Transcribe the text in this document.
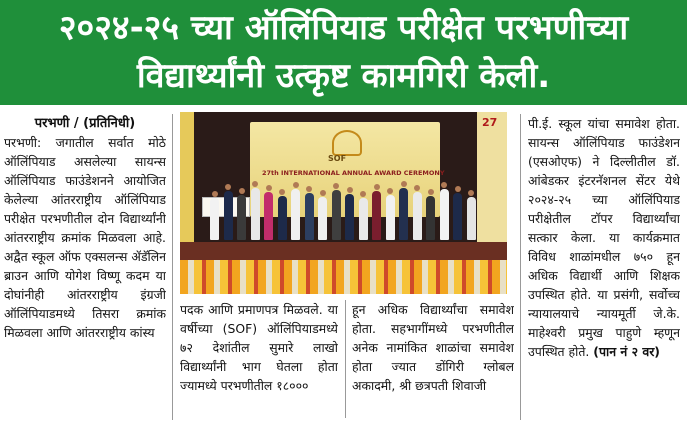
२०२४-२५ च्या ऑलिंपियाड परीक्षेत परभणीच्या
विद्यार्थ्यांनी उत्कृष्ट कामगिरी केली.
परभणी / (प्रतिनिधी)
परभणी: जगातील सर्वात मोठे ऑलिंपियाड असलेल्या सायन्स ऑलिंपियाड फाउंडेशनने आयोजित केलेल्या आंतरराष्ट्रीय ऑलिंपियाड परीक्षेत परभणीतील दोन विद्यार्थ्यांनी आंतरराष्ट्रीय क्रमांक मिळवला आहे. अद्वैत स्कूल ऑफ एक्सलन्स ॲडॅलिन ब्राउन आणि योगेश विष्णू कदम या दोघांनीही आंतरराष्ट्रीय इंग्रजी ऑलिंपियाडमध्ये तिसरा क्रमांक मिळवला आणि आंतरराष्ट्रीय कांस्य
27
SOF
27th INTERNATIONAL ANNUAL AWARD CEREMONY
पदक आणि प्रमाणपत्र मिळवले. या वर्षीच्या (SOF) ऑलिंपियाडमध्ये ७२ देशांतील सुमारे लाखो विद्यार्थ्यांनी भाग घेतला होता ज्यामध्ये परभणीतील १८०००
हून अधिक विद्यार्थ्यांचा समावेश होता. सहभागींमध्ये परभणीतील अनेक नामांकित शाळांचा समावेश होता ज्यात डोंगिरी ग्लोबल अकादमी, श्री छत्रपती शिवाजी
पी.ई. स्कूल यांचा समावेश होता. सायन्स ऑलिंपियाड फाउंडेशन (एसओएफ) ने दिल्लीतील डॉ. आंबेडकर इंटरनॅशनल सेंटर येथे २०२४-२५ च्या ऑलिंपियाड परीक्षेतील टॉपर विद्यार्थ्यांचा सत्कार केला. या कार्यक्रमात विविध शाळांमधील ७५० हून अधिक विद्यार्थी आणि शिक्षक उपस्थित होते. या प्रसंगी, सर्वोच्च न्यायालयाचे न्यायमूर्ती जे.के. माहेश्वरी प्रमुख पाहुणे म्हणून उपस्थित होते. (पान नं २ वर)
